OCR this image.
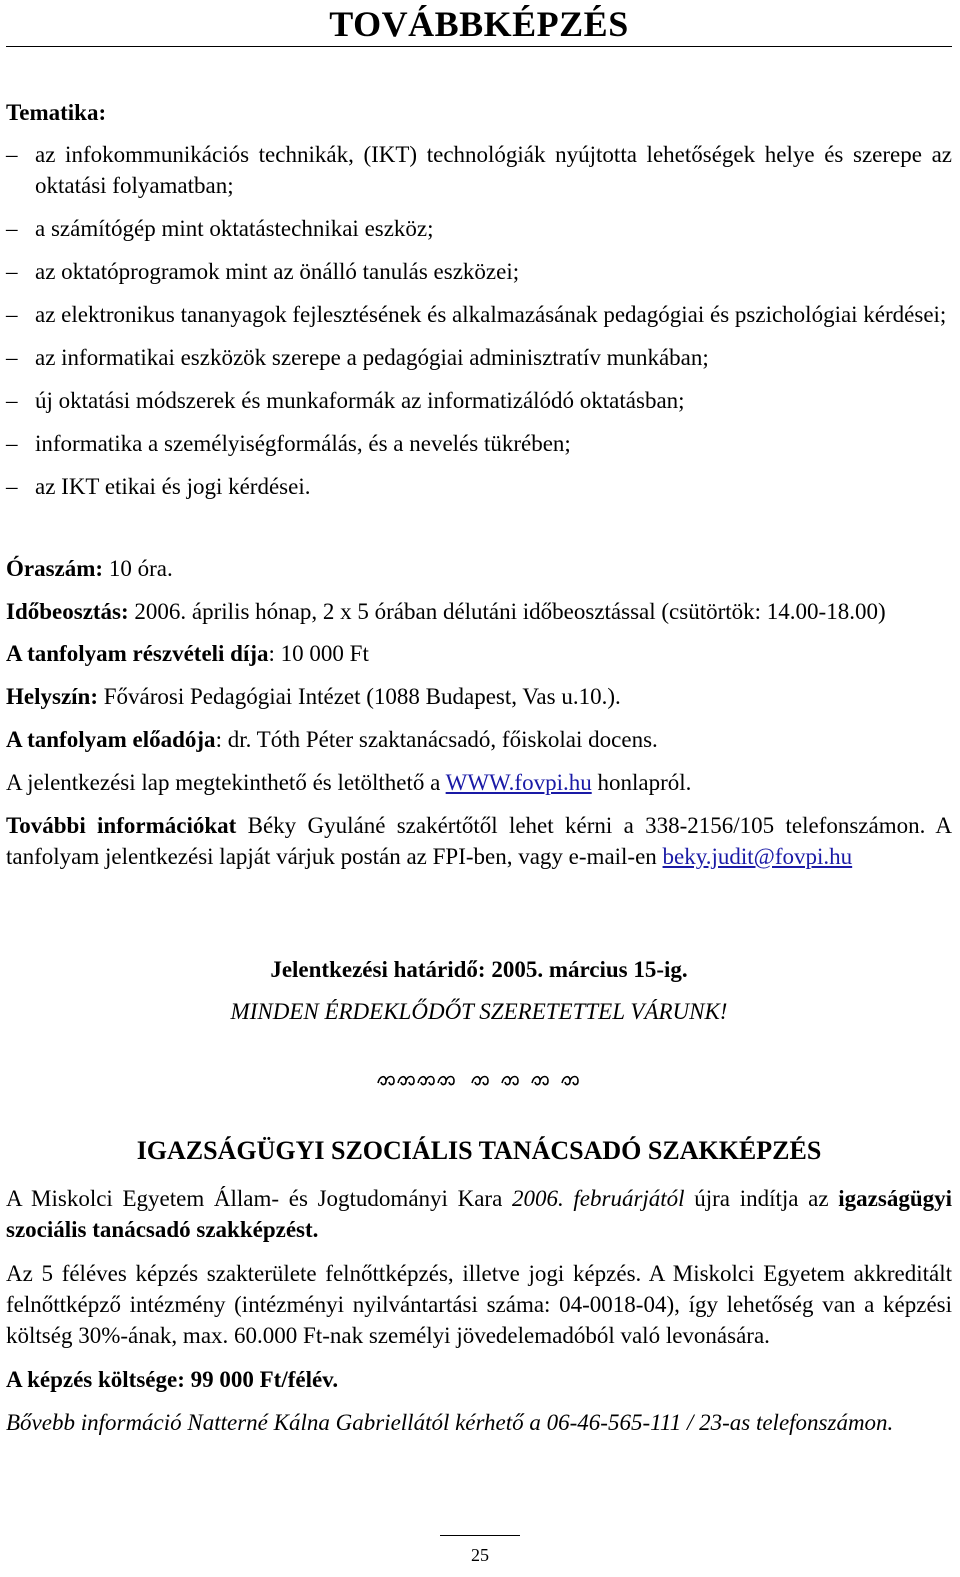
TOVÁBBKÉPZÉS

Tematika:

– az infokommunikációs technikák, (IKT) technológiák nyújtotta lehetőségek helye és szerepe az oktatási folyamatban;
– a számítógép mint oktatástechnikai eszköz;
– az oktatóprogramok mint az önálló tanulás eszközei;
– az elektronikus tananyagok fejlesztésének és alkalmazásának pedagógiai és pszichológiai kérdései;
– az informatikai eszközök szerepe a pedagógiai adminisztratív munkában;
– új oktatási módszerek és munkaformák az informatizálódó oktatásban;
– informatika a személyiségformálás, és a nevelés tükrében;
– az IKT etikai és jogi kérdései.

Óraszám: 10 óra.

Időbeosztás: 2006. április hónap, 2 x 5 órában délutáni időbeosztással (csütörtök: 14.00-18.00)

A tanfolyam részvételi díja: 10 000 Ft

Helyszín: Fővárosi Pedagógiai Intézet (1088 Budapest, Vas u.10.).

A tanfolyam előadója: dr. Tóth Péter szaktanácsadó, főiskolai docens.

A jelentkezési lap megtekinthető és letölthető a WWW.fovpi.hu honlapról.

További információkat Béky Gyuláné szakértőtől lehet kérni a 338-2156/105 telefonszámon. A tanfolyam jelentkezési lapját várjuk postán az FPI-ben, vagy e-mail-en beky.judit@fovpi.hu

Jelentkezési határidő: 2005. március 15-ig.

MINDEN ÉRDEKLŐDŐT SZERETETTEL VÁRUNK!

IGAZSÁGÜGYI SZOCIÁLIS TANÁCSADÓ SZAKKÉPZÉS

A Miskolci Egyetem Állam- és Jogtudományi Kara 2006. februárjától újra indítja az igazságügyi szociális tanácsadó szakképzést.

Az 5 féléves képzés szakterülete felnőttképzés, illetve jogi képzés. A Miskolci Egyetem akkreditált felnőttképző intézmény (intézményi nyilvántartási száma: 04-0018-04), így lehetőség van a képzési költség 30%-ának, max. 60.000 Ft-nak személyi jövedelemadóból való levonására.

A képzés költsége: 99 000 Ft/félév.

Bővebb információ Natterné Kálna Gabriellától kérhető a 06-46-565-111 / 23-as telefonszámon.

25
